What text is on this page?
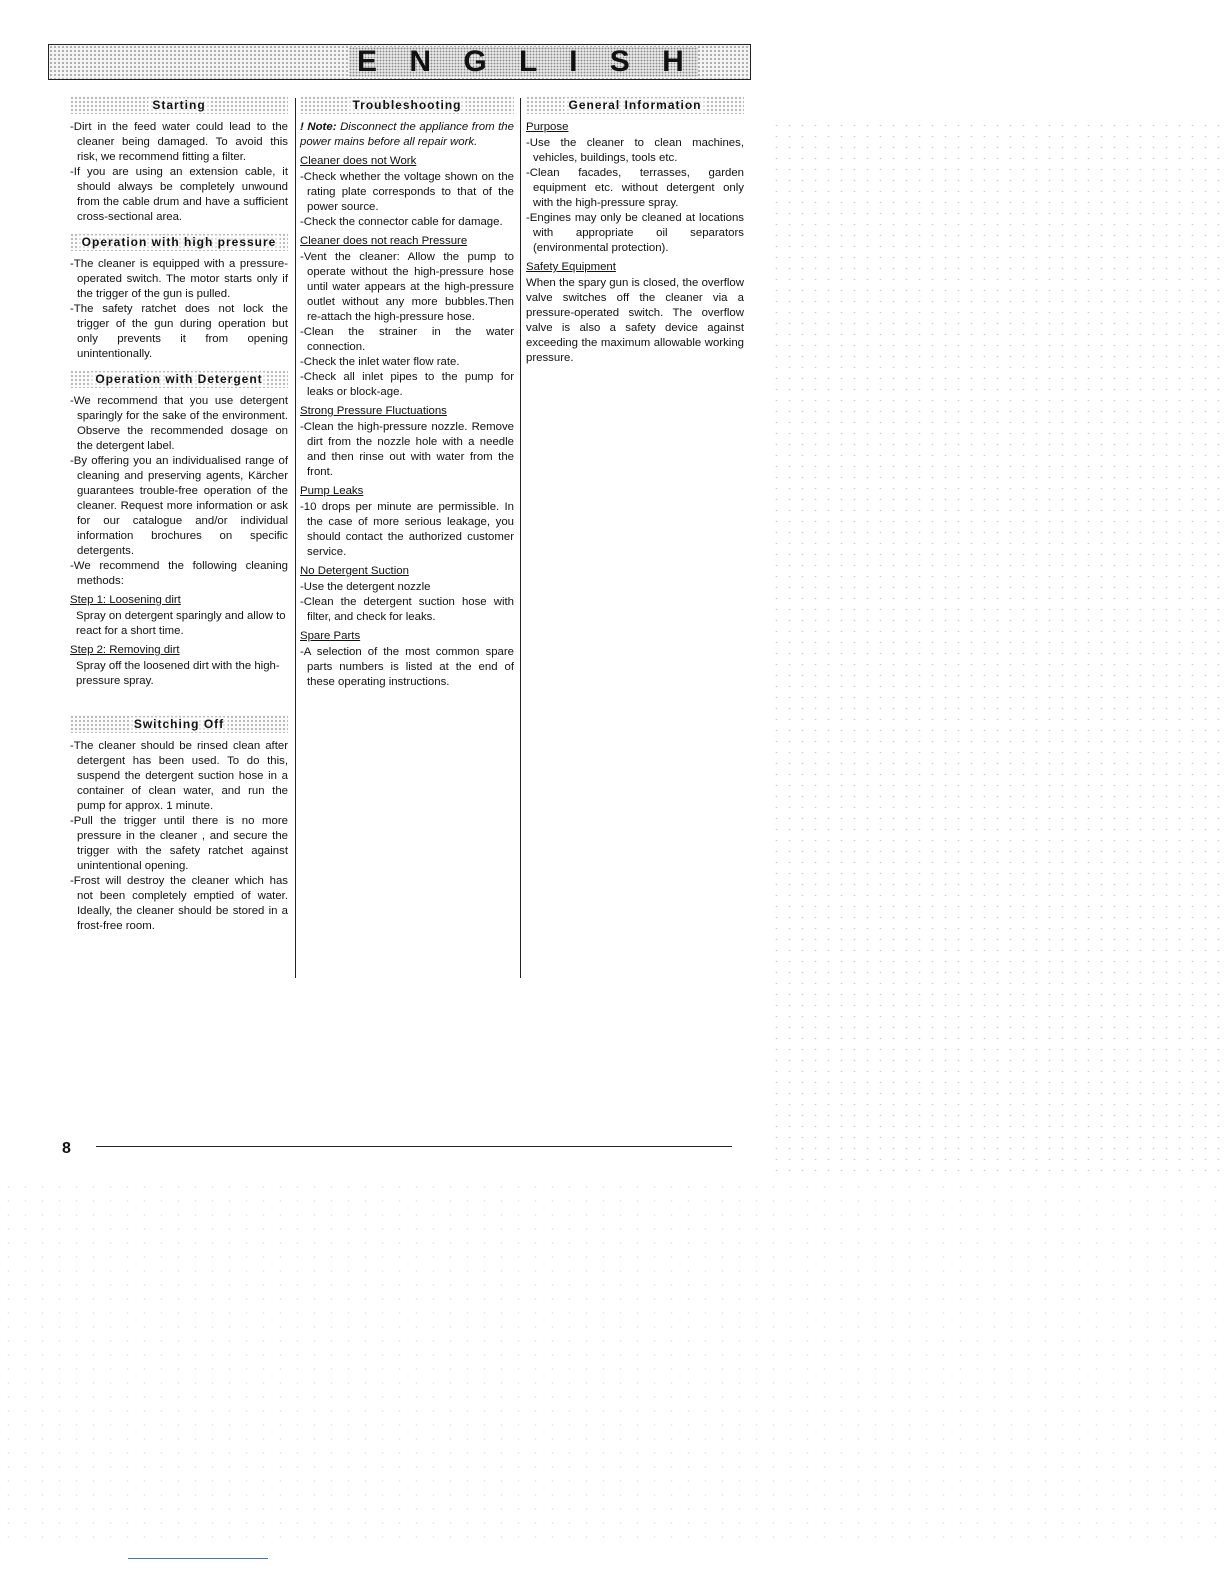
E N G L I S H
Starting

-Dirt in the feed water could lead to the cleaner being damaged. To avoid this risk, we recommend fitting a filter.

-If you are using an extension cable, it should always be completely unwound from the cable drum and have a sufficient cross-sectional area.

Operation with high pressure

-The cleaner is equipped with a pressure-operated switch. The motor starts only if the trigger of the gun is pulled.

-The safety ratchet does not lock the trigger of the gun during operation but only prevents it from opening unintentionally.

Operation with Detergent

-We recommend that you use detergent sparingly for the sake of the environment. Observe the recommended dosage on the detergent label.

-By offering you an individualised range of cleaning and preserving agents, Kärcher guarantees trouble-free operation of the cleaner. Request more information or ask for our catalogue and/or individual information brochures on specific detergents.

-We recommend the following cleaning methods:

Step 1: Loosening dirt

Spray on detergent sparingly and allow to react for a short time.

Step 2: Removing dirt

Spray off the loosened dirt with the high-pressure spray.

Switching Off

-The cleaner should be rinsed clean after detergent has been used. To do this, suspend the detergent suction hose in a container of clean water, and run the pump for approx. 1 minute.

-Pull the trigger until there is no more pressure in the cleaner , and secure the trigger with the safety ratchet against unintentional opening.

-Frost will destroy the cleaner which has not been completely emptied of water. Ideally, the cleaner should be stored in a frost-free room.

Troubleshooting

! Note: Disconnect the appliance from the power mains before all repair work.

Cleaner does not Work

-Check whether the voltage shown on the rating plate corresponds to that of the power source.

-Check the connector cable for damage.

Cleaner does not reach Pressure

-Vent the cleaner: Allow the pump to operate without the high-pressure hose until water appears at the high-pressure outlet without any more bubbles.Then re-attach the high-pressure hose.

-Clean the strainer in the water connection.

-Check the inlet water flow rate.

-Check all inlet pipes to the pump for leaks or block-age.

Strong Pressure Fluctuations

-Clean the high-pressure nozzle. Remove dirt from the nozzle hole with a needle and then rinse out with water from the front.

Pump Leaks

-10 drops per minute are permissible. In the case of more serious leakage, you should contact the authorized customer service.

No Detergent Suction

-Use the detergent nozzle

-Clean the detergent suction hose with filter, and check for leaks.

Spare Parts

-A selection of the most common spare parts numbers is listed at the end of these operating instructions.

General Information

Purpose

-Use the cleaner to clean machines, vehicles, buildings, tools etc.

-Clean facades, terrasses, garden equipment etc. without detergent only with the high-pressure spray.

-Engines may only be cleaned at locations with appropriate oil separators (environmental protection).

Safety Equipment

When the spary gun is closed, the overflow valve switches off the cleaner via a pressure-operated switch. The overflow valve is also a safety device against exceeding the maximum allowable working pressure.

8
